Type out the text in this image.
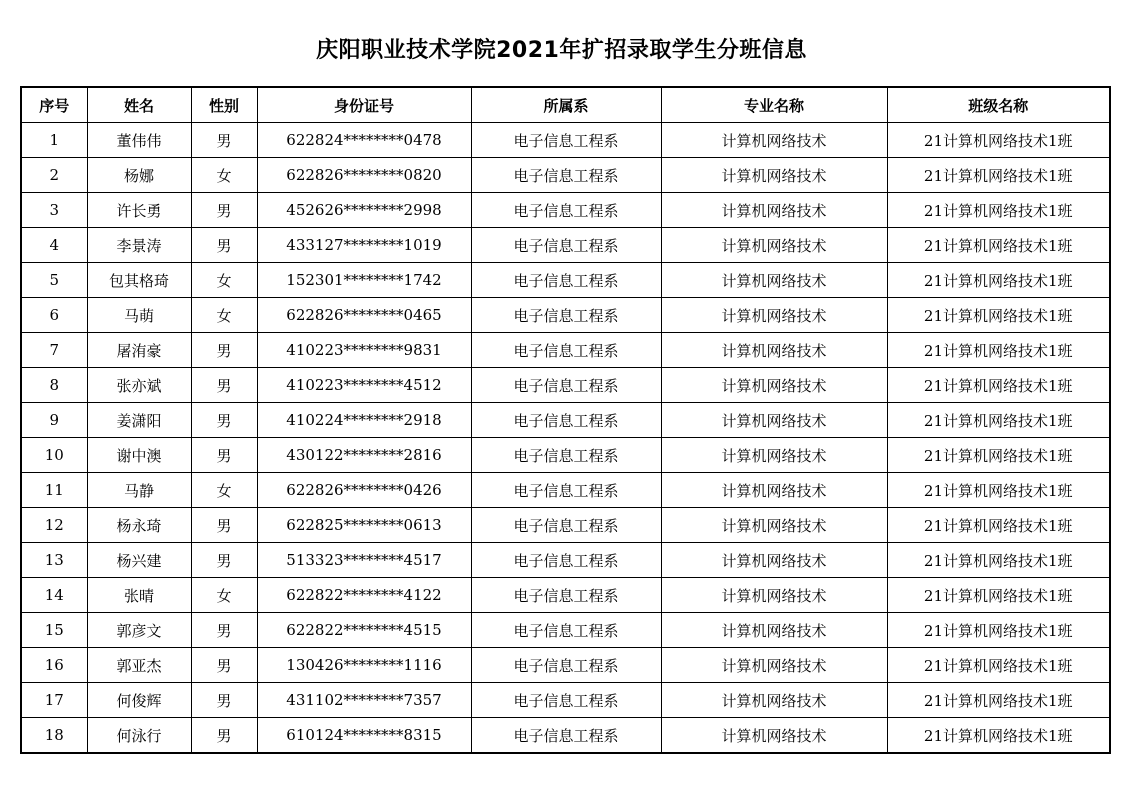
庆阳职业技术学院2021年扩招录取学生分班信息
序号	姓名	性别	身份证号	所属系	专业名称	班级名称
1	董伟伟	男	622824********0478	电子信息工程系	计算机网络技术	21计算机网络技术1班
2	杨娜	女	622826********0820	电子信息工程系	计算机网络技术	21计算机网络技术1班
3	许长勇	男	452626********2998	电子信息工程系	计算机网络技术	21计算机网络技术1班
4	李景涛	男	433127********1019	电子信息工程系	计算机网络技术	21计算机网络技术1班
5	包其格琦	女	152301********1742	电子信息工程系	计算机网络技术	21计算机网络技术1班
6	马萌	女	622826********0465	电子信息工程系	计算机网络技术	21计算机网络技术1班
7	屠洧豪	男	410223********9831	电子信息工程系	计算机网络技术	21计算机网络技术1班
8	张亦斌	男	410223********4512	电子信息工程系	计算机网络技术	21计算机网络技术1班
9	姜潇阳	男	410224********2918	电子信息工程系	计算机网络技术	21计算机网络技术1班
10	谢中澳	男	430122********2816	电子信息工程系	计算机网络技术	21计算机网络技术1班
11	马静	女	622826********0426	电子信息工程系	计算机网络技术	21计算机网络技术1班
12	杨永琦	男	622825********0613	电子信息工程系	计算机网络技术	21计算机网络技术1班
13	杨兴建	男	513323********4517	电子信息工程系	计算机网络技术	21计算机网络技术1班
14	张晴	女	622822********4122	电子信息工程系	计算机网络技术	21计算机网络技术1班
15	郭彦文	男	622822********4515	电子信息工程系	计算机网络技术	21计算机网络技术1班
16	郭亚杰	男	130426********1116	电子信息工程系	计算机网络技术	21计算机网络技术1班
17	何俊辉	男	431102********7357	电子信息工程系	计算机网络技术	21计算机网络技术1班
18	何泳行	男	610124********8315	电子信息工程系	计算机网络技术	21计算机网络技术1班
